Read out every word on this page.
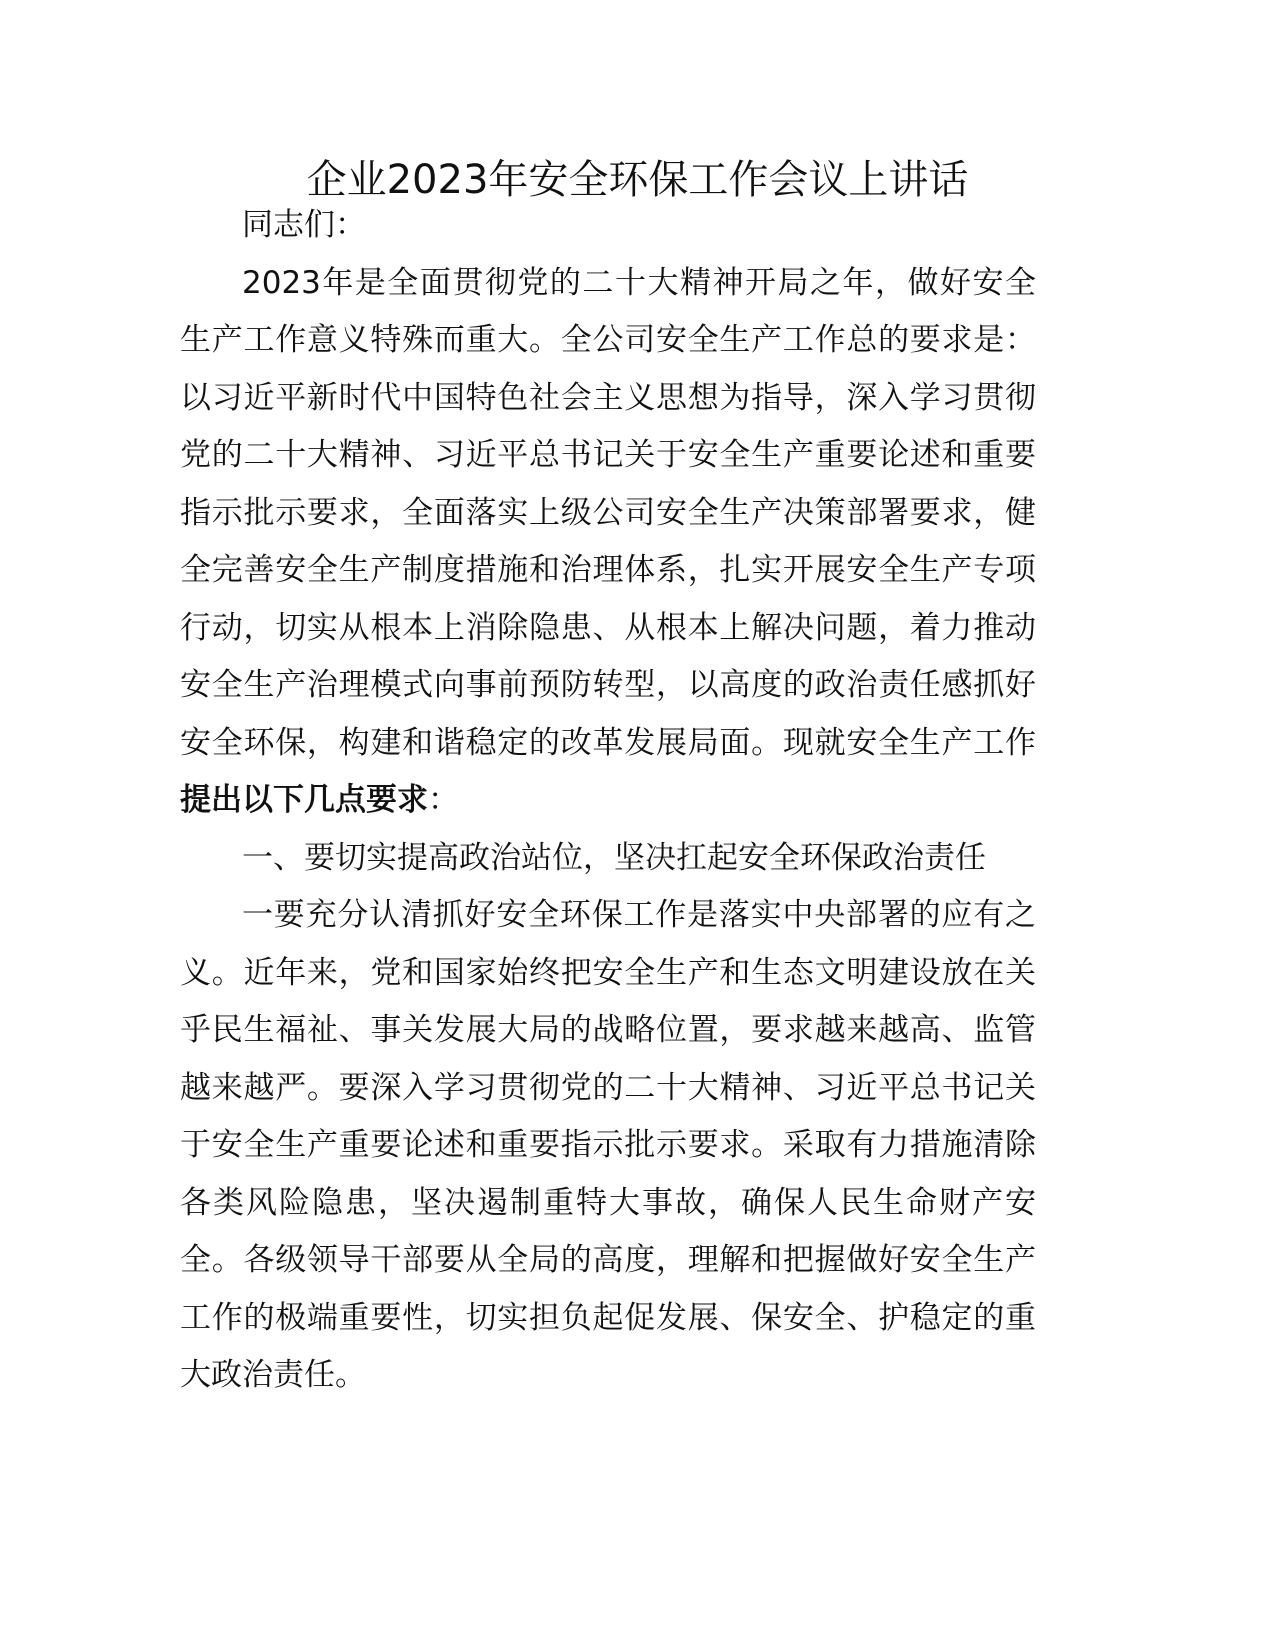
企业2023年安全环保工作会议上讲话
同志们：
2023年是全面贯彻党的二十大精神开局之年，做好安全
生产工作意义特殊而重大。全公司安全生产工作总的要求是：
以习近平新时代中国特色社会主义思想为指导，深入学习贯彻
党的二十大精神、习近平总书记关于安全生产重要论述和重要
指示批示要求，全面落实上级公司安全生产决策部署要求，健
全完善安全生产制度措施和治理体系，扎实开展安全生产专项
行动，切实从根本上消除隐患、从根本上解决问题，着力推动
安全生产治理模式向事前预防转型，以高度的政治责任感抓好
安全环保，构建和谐稳定的改革发展局面。现就安全生产工作
提出以下几点要求：
一、要切实提高政治站位，坚决扛起安全环保政治责任
一要充分认清抓好安全环保工作是落实中央部署的应有之
义。近年来，党和国家始终把安全生产和生态文明建设放在关
乎民生福祉、事关发展大局的战略位置，要求越来越高、监管
越来越严。要深入学习贯彻党的二十大精神、习近平总书记关
于安全生产重要论述和重要指示批示要求。采取有力措施清除
各类风险隐患，坚决遏制重特大事故，确保人民生命财产安
全。各级领导干部要从全局的高度，理解和把握做好安全生产
工作的极端重要性，切实担负起促发展、保安全、护稳定的重
大政治责任。
